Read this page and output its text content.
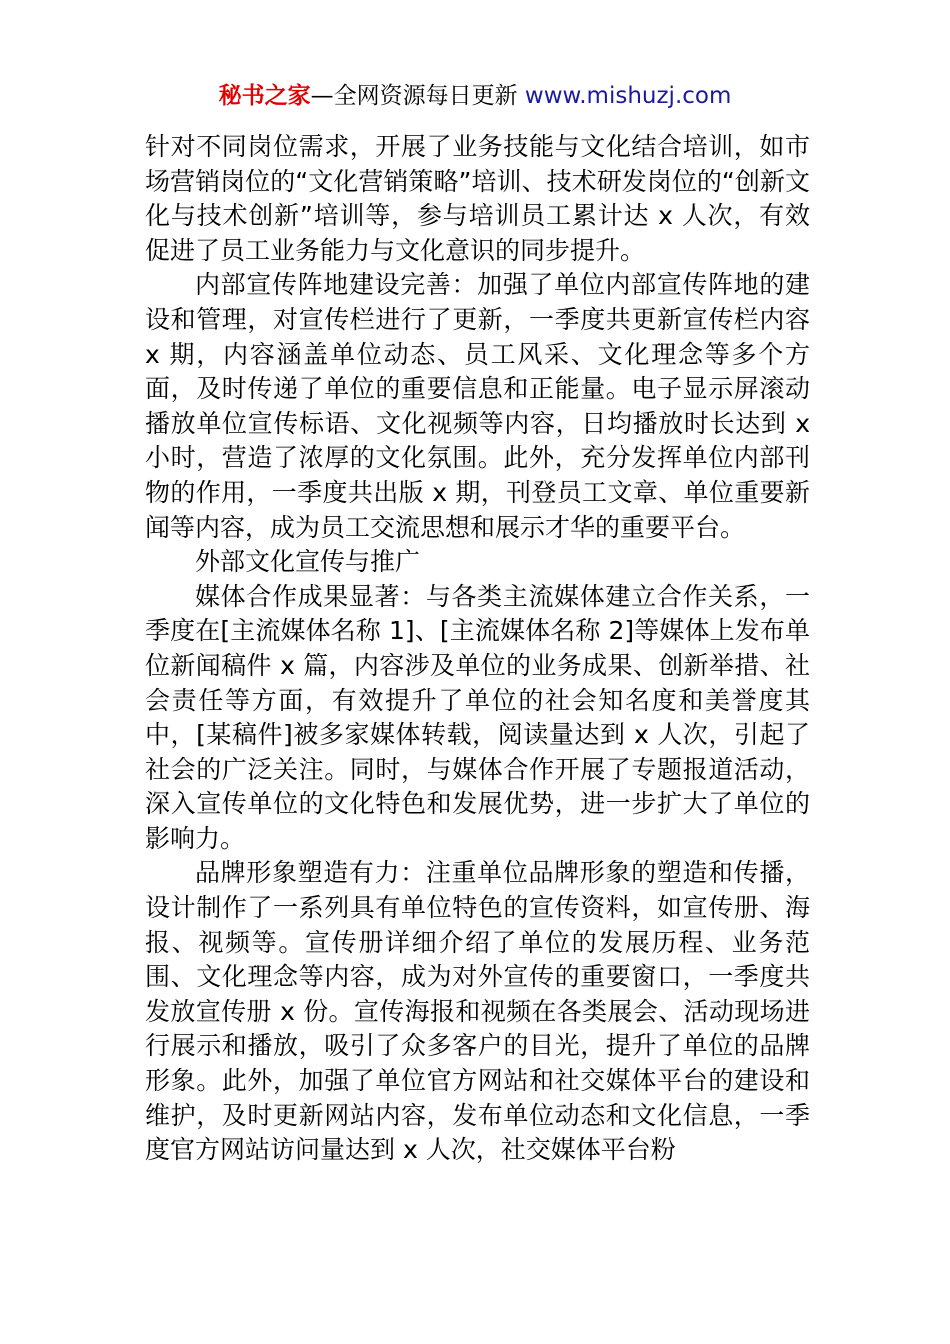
秘书之家—全网资源每日更新 www.mishuzj.com

针对不同岗位需求，开展了业务技能与文化结合培训，如市场营销岗位的“文化营销策略”培训、技术研发岗位的“创新文化与技术创新”培训等，参与培训员工累计达 x 人次，有效促进了员工业务能力与文化意识的同步提升。

内部宣传阵地建设完善：加强了单位内部宣传阵地的建设和管理，对宣传栏进行了更新，一季度共更新宣传栏内容 x 期，内容涵盖单位动态、员工风采、文化理念等多个方面，及时传递了单位的重要信息和正能量。电子显示屏滚动播放单位宣传标语、文化视频等内容，日均播放时长达到 x 小时，营造了浓厚的文化氛围。此外，充分发挥单位内部刊物的作用，一季度共出版 x 期，刊登员工文章、单位重要新闻等内容，成为员工交流思想和展示才华的重要平台。

外部文化宣传与推广

媒体合作成果显著：与各类主流媒体建立合作关系，一季度在[主流媒体名称 1]、[主流媒体名称 2]等媒体上发布单位新闻稿件 x 篇，内容涉及单位的业务成果、创新举措、社会责任等方面，有效提升了单位的社会知名度和美誉度其中，[某稿件]被多家媒体转载，阅读量达到 x 人次，引起了社会的广泛关注。同时，与媒体合作开展了专题报道活动，深入宣传单位的文化特色和发展优势，进一步扩大了单位的影响力。

品牌形象塑造有力：注重单位品牌形象的塑造和传播，设计制作了一系列具有单位特色的宣传资料，如宣传册、海报、视频等。宣传册详细介绍了单位的发展历程、业务范围、文化理念等内容，成为对外宣传的重要窗口，一季度共发放宣传册 x 份。宣传海报和视频在各类展会、活动现场进行展示和播放，吸引了众多客户的目光，提升了单位的品牌形象。此外，加强了单位官方网站和社交媒体平台的建设和维护，及时更新网站内容，发布单位动态和文化信息，一季度官方网站访问量达到 x 人次，社交媒体平台粉
